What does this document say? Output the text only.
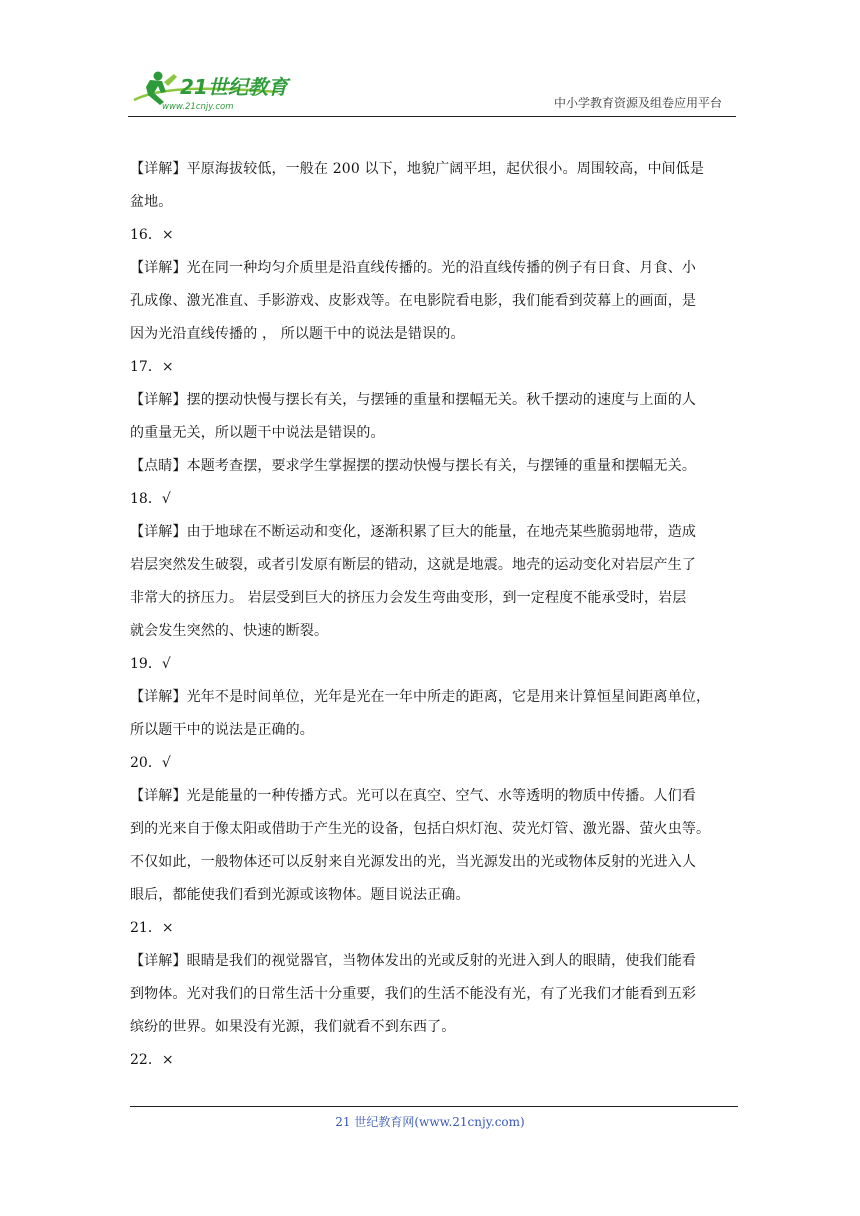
21世纪教育
www.21cnjy.com	中小学教育资源及组卷应用平台
【详解】平原海拔较低，一般在 200 以下，地貌广阔平坦，起伏很小。周围较高，中间低是
盆地。
16．×
【详解】光在同一种均匀介质里是沿直线传播的。光的沿直线传播的例子有日食、月食、小
孔成像、激光准直、手影游戏、皮影戏等。在电影院看电影，我们能看到荧幕上的画面，是
因为光沿直线传播的 ， 所以题干中的说法是错误的。
17．×
【详解】摆的摆动快慢与摆长有关，与摆锤的重量和摆幅无关。秋千摆动的速度与上面的人
的重量无关，所以题干中说法是错误的。
【点睛】本题考查摆，要求学生掌握摆的摆动快慢与摆长有关，与摆锤的重量和摆幅无关。
18．√
【详解】由于地球在不断运动和变化，逐渐积累了巨大的能量，在地壳某些脆弱地带，造成
岩层突然发生破裂，或者引发原有断层的错动，这就是地震。地壳的运动变化对岩层产生了
非常大的挤压力。 岩层受到巨大的挤压力会发生弯曲变形，到一定程度不能承受时，岩层
就会发生突然的、快速的断裂。
19．√
【详解】光年不是时间单位，光年是光在一年中所走的距离，它是用来计算恒星间距离单位，
所以题干中的说法是正确的。
20．√
【详解】光是能量的一种传播方式。光可以在真空、空气、水等透明的物质中传播。人们看
到的光来自于像太阳或借助于产生光的设备，包括白炽灯泡、荧光灯管、激光器、萤火虫等。
不仅如此，一般物体还可以反射来自光源发出的光，当光源发出的光或物体反射的光进入人
眼后，都能使我们看到光源或该物体。题目说法正确。
21．×
【详解】眼睛是我们的视觉器官，当物体发出的光或反射的光进入到人的眼睛，使我们能看
到物体。光对我们的日常生活十分重要，我们的生活不能没有光，有了光我们才能看到五彩
缤纷的世界。如果没有光源，我们就看不到东西了。
22．×
21 世纪教育网(www.21cnjy.com)
